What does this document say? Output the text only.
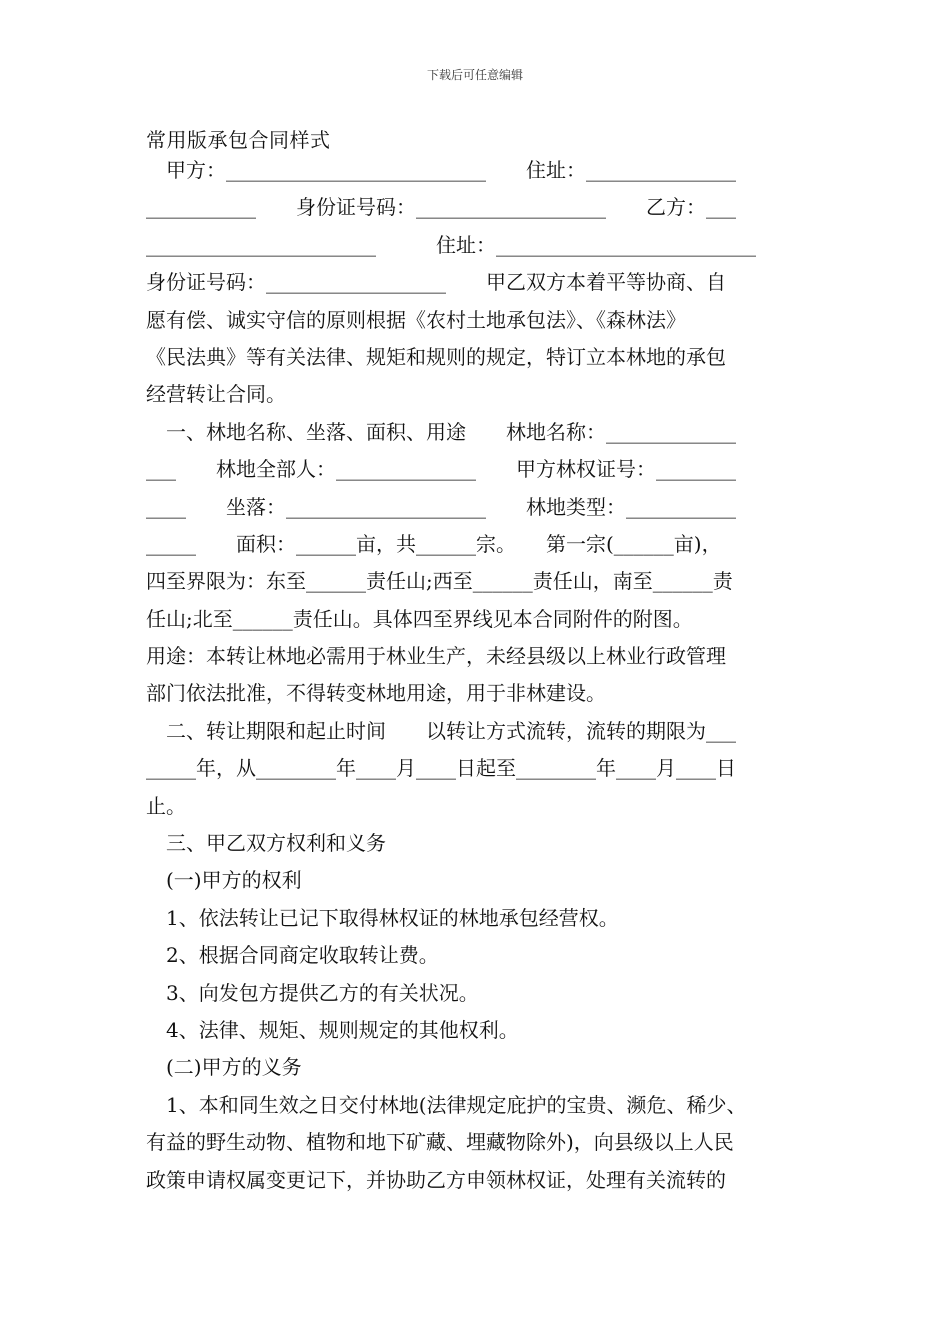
下载后可任意编辑
常用版承包合同样式
甲方：__________________________　　住址：_______________
___________　　身份证号码：___________________　　乙方：___
_______________________　　　住址：__________________________
身份证号码：__________________　　甲乙双方本着平等协商、自
愿有偿、诚实守信的原则根据《农村土地承包法》、《森林法》
《民法典》等有关法律、规矩和规则的规定，特订立本林地的承包
经营转让合同。
一、林地名称、坐落、面积、用途　　林地名称：_____________
___　　林地全部人：______________　　甲方林权证号：________
____　　坐落：____________________　　林地类型：___________
_____　　面积：______亩，共______宗。　　第一宗(______亩)，
四至界限为：东至______责任山;西至______责任山，南至______责
任山;北至______责任山。具体四至界线见本合同附件的附图。
用途：本转让林地必需用于林业生产，未经县级以上林业行政管理
部门依法批准，不得转变林地用途，用于非林建设。
二、转让期限和起止时间　　以转让方式流转，流转的期限为___
_____年，从________年____月____日起至________年____月____日
止。
三、甲乙双方权利和义务
(一)甲方的权利
1、依法转让已记下取得林权证的林地承包经营权。
2、根据合同商定收取转让费。
3、向发包方提供乙方的有关状况。
4、法律、规矩、规则规定的其他权利。
(二)甲方的义务
1、本和同生效之日交付林地(法律规定庇护的宝贵、濒危、稀少、
有益的野生动物、植物和地下矿藏、埋藏物除外)，向县级以上人民
政策申请权属变更记下，并协助乙方申领林权证，处理有关流转的
